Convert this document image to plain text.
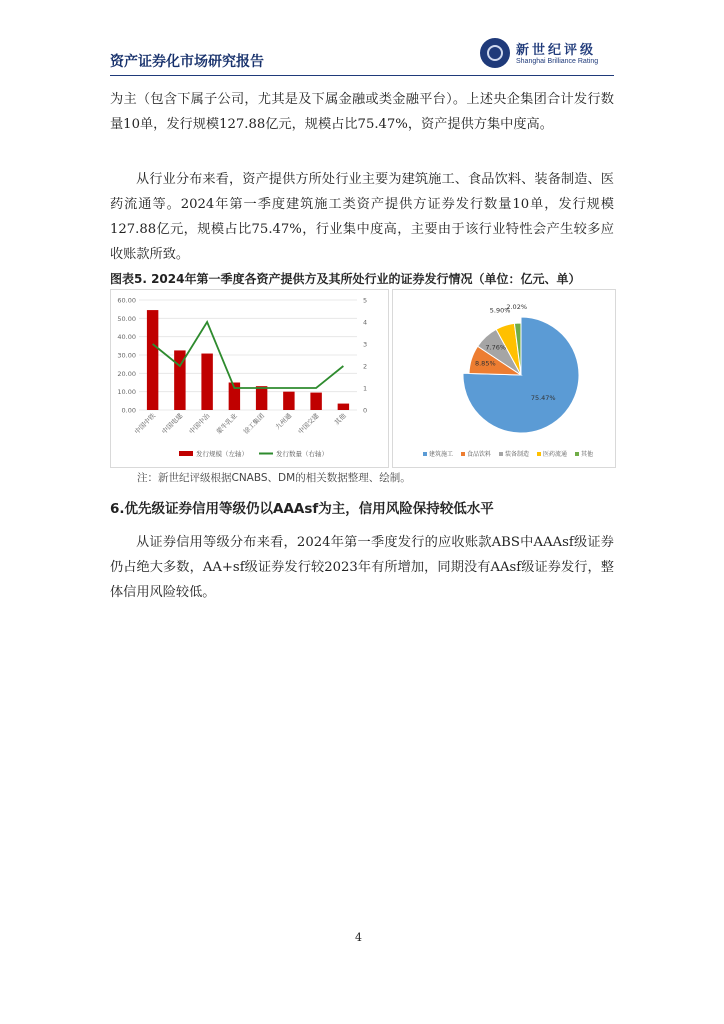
资产证券化市场研究报告
新世纪评级
Shanghai Brilliance Rating

为主（包含下属子公司，尤其是及下属金融或类金融平台）。上述央企集团合计发行数量10单，发行规模127.88亿元，规模占比75.47%，资产提供方集中度高。

从行业分布来看，资产提供方所处行业主要为建筑施工、食品饮料、装备制造、医药流通等。2024年第一季度建筑施工类资产提供方证券发行数量10单，发行规模127.88亿元，规模占比75.47%，行业集中度高，主要由于该行业特性会产生较多应收账款所致。

图表5. 2024年第一季度各资产提供方及其所处行业的证券发行情况（单位：亿元、单）
0.00
10.00
20.00
30.00
40.00
50.00
60.00
0
1
2
3
4
5
中国中铁 中国电建 中国中冶 蒙牛乳业 徐工集团 九州通 中国交建 其他
发行规模（左轴）	发行数量（右轴）
75.47%
8.85%
7.76%
5.90%
2.02%
建筑施工 食品饮料 装备制造 医药流通 其他
注：新世纪评级根据CNABS、DM的相关数据整理、绘制。
6.优先级证券信用等级仍以AAAsf为主，信用风险保持较低水平

从证券信用等级分布来看，2024年第一季度发行的应收账款ABS中AAAsf级证券仍占绝大多数，AA+sf级证券发行较2023年有所增加，同期没有AAsf级证券发行，整体信用风险较低。

4
